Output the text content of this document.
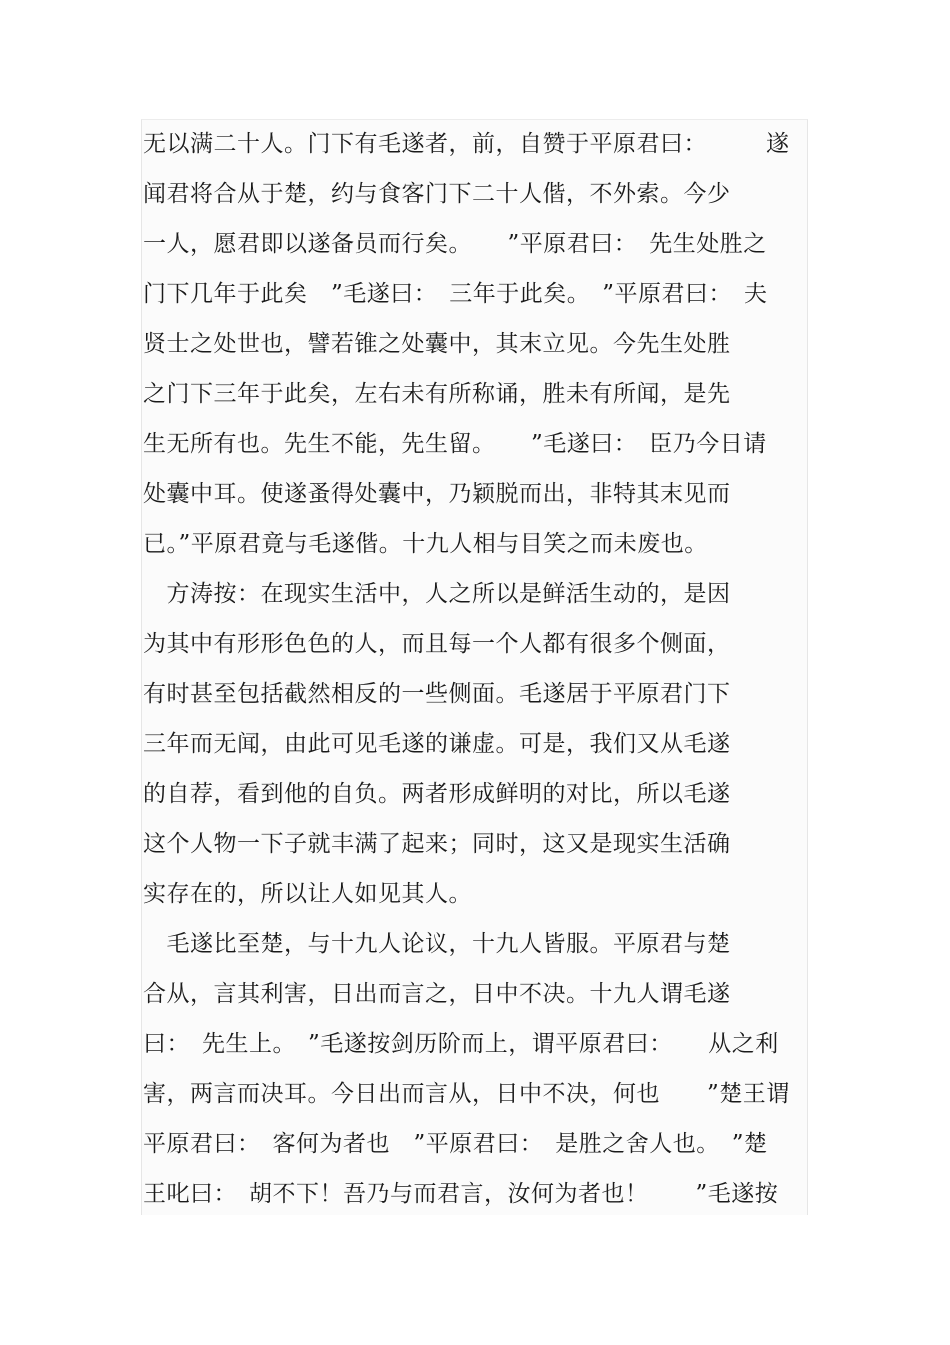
无以满二十人。门下有毛遂者，前，自赞于平原君曰：　　　遂
闻君将合从于楚，约与食客门下二十人偕，不外索。今少
一人，愿君即以遂备员而行矣。　　”平原君曰：　先生处胜之
门下几年于此矣　”毛遂曰：　三年于此矣。　”平原君曰：　夫
贤士之处世也，譬若锥之处囊中，其末立见。今先生处胜
之门下三年于此矣，左右未有所称诵，胜未有所闻，是先
生无所有也。先生不能，先生留。　　”毛遂曰：　臣乃今日请
处囊中耳。使遂蚤得处囊中，乃颖脱而出，非特其末见而
已。”平原君竟与毛遂偕。十九人相与目笑之而未废也。
　方涛按：在现实生活中，人之所以是鲜活生动的，是因
为其中有形形色色的人，而且每一个人都有很多个侧面，
有时甚至包括截然相反的一些侧面。毛遂居于平原君门下
三年而无闻，由此可见毛遂的谦虚。可是，我们又从毛遂
的自荐，看到他的自负。两者形成鲜明的对比，所以毛遂
这个人物一下子就丰满了起来；同时，这又是现实生活确
实存在的，所以让人如见其人。
　毛遂比至楚，与十九人论议，十九人皆服。平原君与楚
合从，言其利害，日出而言之，日中不决。十九人谓毛遂
曰：　先生上。　”毛遂按剑历阶而上，谓平原君曰：　　从之利
害，两言而决耳。今日出而言从，日中不决，何也　　”楚王谓
平原君曰：　客何为者也　”平原君曰：　是胜之舍人也。　”楚
王叱曰：　胡不下！吾乃与而君言，汝何为者也！　　”毛遂按
